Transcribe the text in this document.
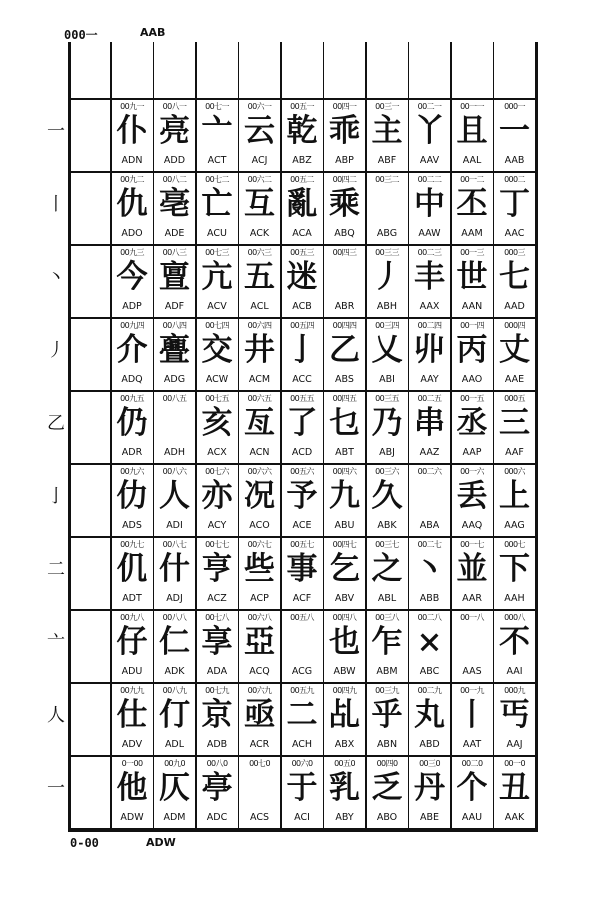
000一	AAB
一
丨
丶
丿
乙
亅
二
亠
人
一
00九一
仆
ADN
00九二
仇
ADO
00九三
今
ADP
00九四
介
ADQ
00九五
仍
ADR
00九六
仂
ADS
00九七
仉
ADT
00九八
仔
ADU
00九九
仕
ADV
0一00
他
ADW
00八一
亮
ADD
00八二
亳
ADE
00八三
亶
ADF
00八四
亹
ADG
00八五
ADH
00八六
人
ADI
00八七
什
ADJ
00八八
仁
ADK
00八九
仃
ADL
00九0
仄
ADM
00七一
亠
ACT
00七二
亡
ACU
00七三
亢
ACV
00七四
交
ACW
00七五
亥
ACX
00七六
亦
ACY
00七七
亨
ACZ
00七八
享
ADA
00七九
京
ADB
00八0
亭
ADC
00六一
云
ACJ
00六二
互
ACK
00六三
五
ACL
00六四
井
ACM
00六五
亙
ACN
00六六
况
ACO
00六七
些
ACP
00六八
亞
ACQ
00六九
亟
ACR
00七0
ACS
00五一
乾
ABZ
00五二
亂
ACA
00五三
迷
ACB
00五四
亅
ACC
00五五
了
ACD
00五六
予
ACE
00五七
事
ACF
00五八
ACG
00五九
二
ACH
00六0
于
ACI
00四一
乖
ABP
00四二
乘
ABQ
00四三
ABR
00四四
乙
ABS
00四五
乜
ABT
00四六
九
ABU
00四七
乞
ABV
00四八
也
ABW
00四九
乩
ABX
00五0
乳
ABY
00三一
主
ABF
00三二
ABG
00三三
丿
ABH
00三四
乂
ABI
00三五
乃
ABJ
00三六
久
ABK
00三七
之
ABL
00三八
乍
ABM
00三九
乎
ABN
00四0
乏
ABO
00二一
丫
AAV
00二二
中
AAW
00二三
丰
AAX
00二四
丱
AAY
00二五
串
AAZ
00二六
ABA
00二七
丶
ABB
00二八
×
ABC
00二九
丸
ABD
00三0
丹
ABE
00一一
且
AAL
00一二
丕
AAM
00一三
世
AAN
00一四
丙
AAO
00一五
丞
AAP
00一六
丢
AAQ
00一七
並
AAR
00一八
AAS
00一九
丨
AAT
00二0
个
AAU
000一
一
AAB
000二
丁
AAC
000三
七
AAD
000四
丈
AAE
000五
三
AAF
000六
上
AAG
000七
下
AAH
000八
不
AAI
000九
丐
AAJ
00一0
丑
AAK
0-00	ADW
